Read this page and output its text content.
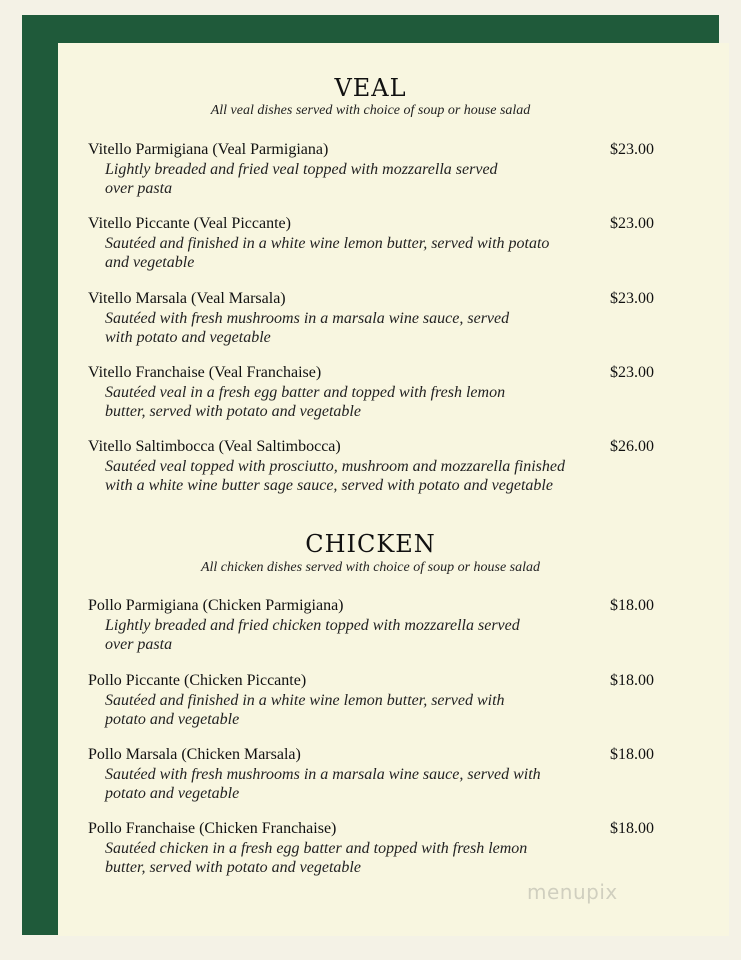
VEAL
All veal dishes served with choice of soup or house salad

Vitello Parmigiana (Veal Parmigiana)

Lightly breaded and fried veal topped with mozzarella served over pasta

$23.00

Vitello Piccante (Veal Piccante)

Sautéed and finished in a white wine lemon butter, served with potato and vegetable

$23.00

Vitello Marsala (Veal Marsala)

Sautéed with fresh mushrooms in a marsala wine sauce, served with potato and vegetable

$23.00

Vitello Franchaise (Veal Franchaise)

Sautéed veal in a fresh egg batter and topped with fresh lemon butter, served with potato and vegetable

$23.00

Vitello Saltimbocca (Veal Saltimbocca)

Sautéed veal topped with prosciutto, mushroom and mozzarella finished with a white wine butter sage sauce, served with potato and vegetable

$26.00
CHICKEN
All chicken dishes served with choice of soup or house salad

Pollo Parmigiana (Chicken Parmigiana)

Lightly breaded and fried chicken topped with mozzarella served over pasta

$18.00

Pollo Piccante (Chicken Piccante)

Sautéed and finished in a white wine lemon butter, served with potato and vegetable

$18.00

Pollo Marsala (Chicken Marsala)

Sautéed with fresh mushrooms in a marsala wine sauce, served with potato and vegetable

$18.00

Pollo Franchaise (Chicken Franchaise)

Sautéed chicken in a fresh egg batter and topped with fresh lemon butter, served with potato and vegetable

$18.00
menupix
